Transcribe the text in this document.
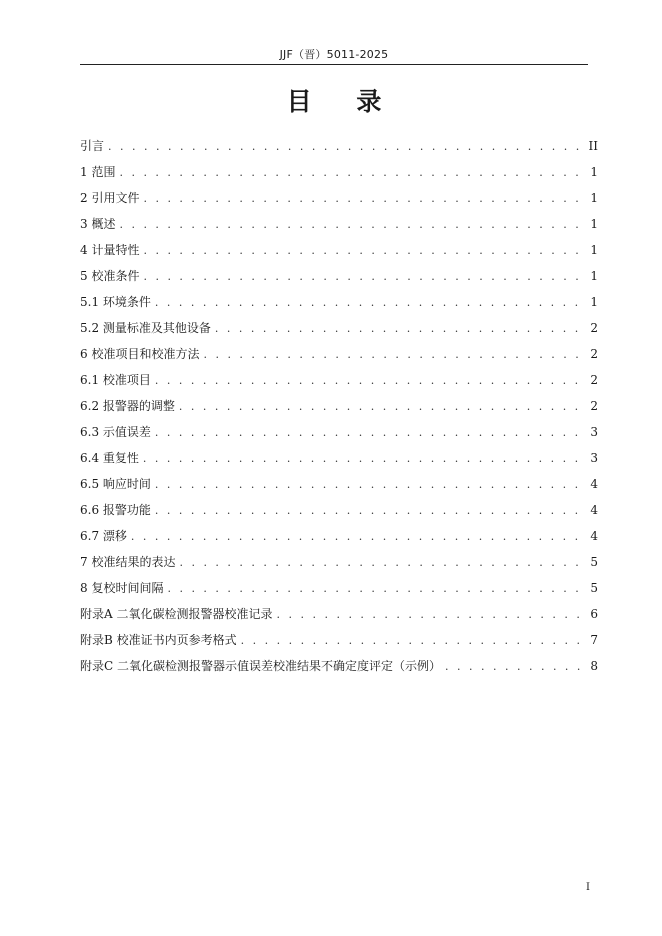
JJF（晋）5011-2025
目 录
引言 . . .	II
1 范围 . . .	1
2 引用文件 . . .	1
3 概述 . . .	1
4 计量特性 . . .	1
5 校准条件 . . .	1
5.1 环境条件 . . .	1
5.2 测量标准及其他设备 . . .	2
6 校准项目和校准方法 . . .	2
6.1 校准项目 . . .	2
6.2 报警器的调整 . . .	2
6.3 示值误差 . . .	3
6.4 重复性 . . .	3
6.5 响应时间 . . .	4
6.6 报警功能 . . .	4
6.7 漂移 . . .	4
7 校准结果的表达 . . .	5
8 复校时间间隔 . . .	5
附录A 二氧化碳检测报警器校准记录 . . .	6
附录B 校准证书内页参考格式 . . .	7
附录C 二氧化碳检测报警器示值误差校准结果不确定度评定（示例） . . .	8
I
